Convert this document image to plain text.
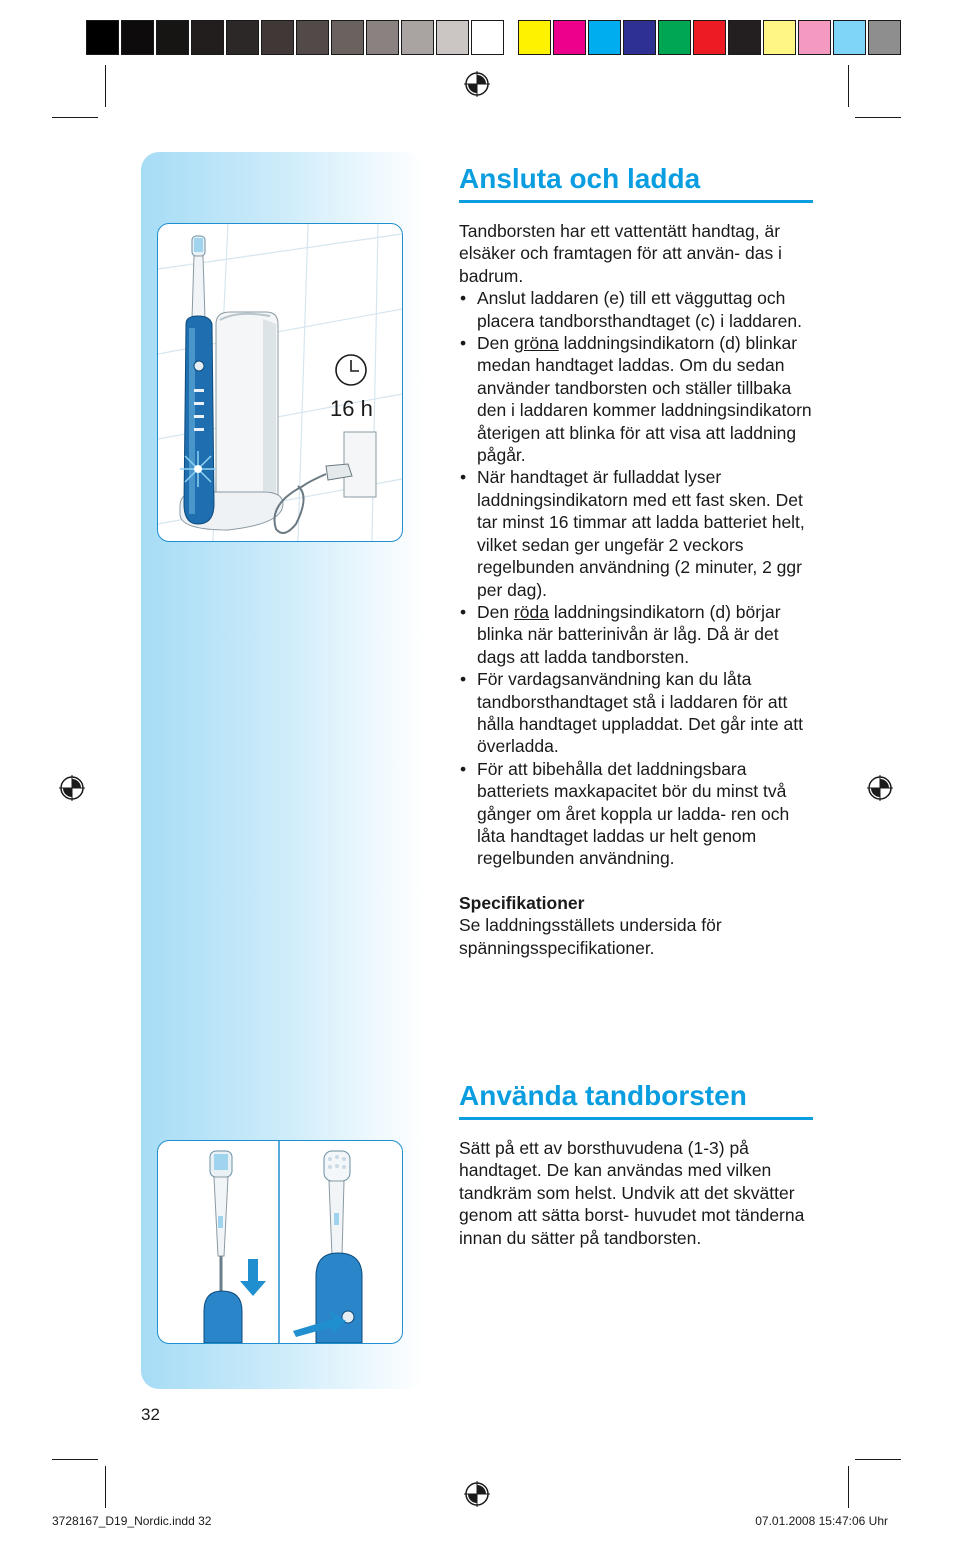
16 h
Ansluta och ladda

Tandborsten har ett vattentätt handtag, är elsäker och framtagen för att använ- das i badrum.

• Anslut laddaren (e) till ett vägguttag och placera tandborsthandtaget (c) i laddaren.

• Den gröna laddningsindikatorn (d) blinkar medan handtaget laddas. Om du sedan använder tandborsten och ställer tillbaka den i laddaren kommer laddningsindikatorn återigen att blinka för att visa att laddning pågår.

• När handtaget är fulladdat lyser laddningsindikatorn med ett fast sken. Det tar minst 16 timmar att ladda batteriet helt, vilket sedan ger ungefär 2 veckors regelbunden användning (2 minuter, 2 ggr per dag).

• Den röda laddningsindikatorn (d) börjar blinka när batterinivån är låg. Då är det dags att ladda tandborsten.

• För vardagsanvändning kan du låta tandborsthandtaget stå i laddaren för att hålla handtaget uppladdat. Det går inte att överladda.

• För att bibehålla det laddningsbara batteriets maxkapacitet bör du minst två gånger om året koppla ur ladda- ren och låta handtaget laddas ur helt genom regelbunden användning.

Specifikationer

Se laddningsställets undersida för spänningsspecifikationer.

Använda tandborsten

Sätt på ett av borsthuvudena (1-3) på handtaget. De kan användas med vilken tandkräm som helst. Undvik att det skvätter genom att sätta borst- huvudet mot tänderna innan du sätter på tandborsten.

32
3728167_D19_Nordic.indd 32	07.01.2008 15:47:06 Uhr
